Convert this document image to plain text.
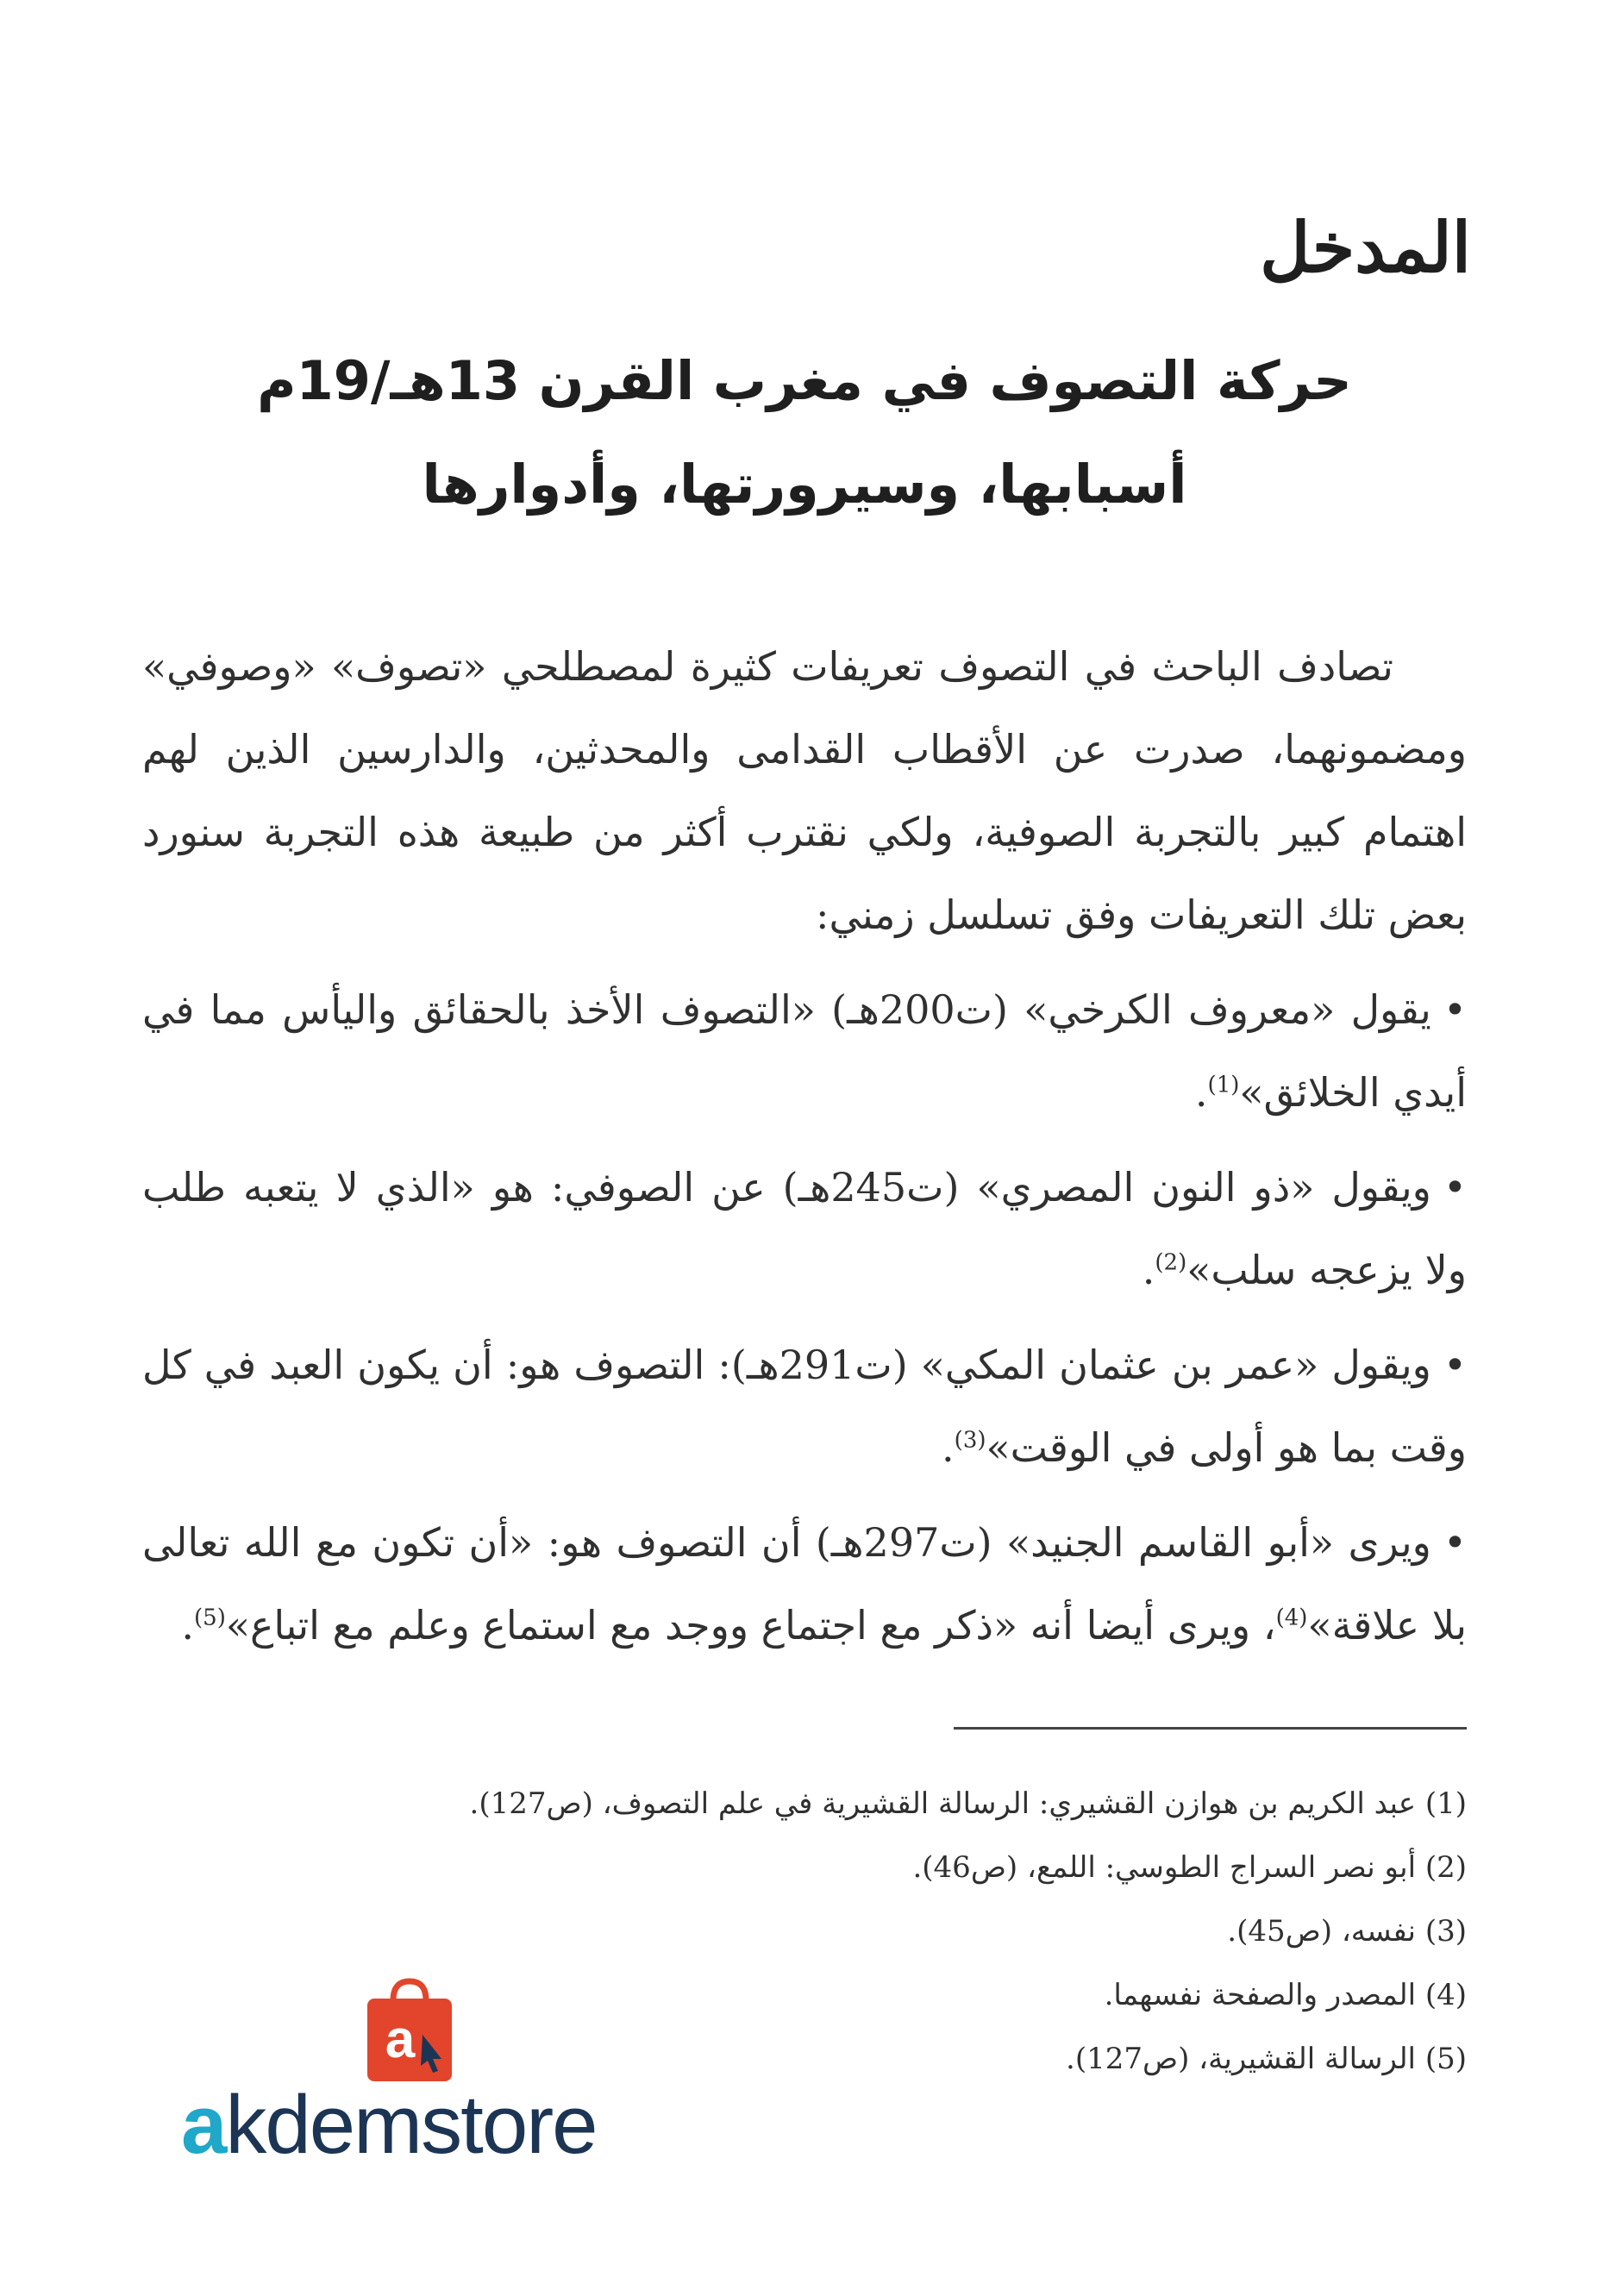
المدخل
حركة التصوف في مغرب القرن 13هـ/19م
أسبابها، وسيرورتها، وأدوارها

تصادف الباحث في التصوف تعريفات كثيرة لمصطلحي «تصوف» «وصوفي» ومضمونهما، صدرت عن الأقطاب القدامى والمحدثين، والدارسين الذين لهم اهتمام كبير بالتجربة الصوفية، ولكي نقترب أكثر من طبيعة هذه التجربة سنورد بعض تلك التعريفات وفق تسلسل زمني:

•يقول «معروف الكرخي» (ت200هـ) «التصوف الأخذ بالحقائق واليأس مما في أيدي الخلائق»$^{(1)}$.

•ويقول «ذو النون المصري» (ت245هـ) عن الصوفي: هو «الذي لا يتعبه طلب ولا يزعجه سلب»$^{(2)}$.

•ويقول «عمر بن عثمان المكي» (ت291هـ): التصوف هو: أن يكون العبد في كل وقت بما هو أولى في الوقت»$^{(3)}$.

•ويرى «أبو القاسم الجنيد» (ت297هـ) أن التصوف هو: «أن تكون مع الله تعالى بلا علاقة»$^{(4)}$، ويرى أيضا أنه «ذكر مع اجتماع ووجد مع استماع وعلم مع اتباع»$^{(5)}$.

(1) عبد الكريم بن هوازن القشيري: الرسالة القشيرية في علم التصوف، (ص127).

(2) أبو نصر السراج الطوسي: اللمع، (ص46).

(3) نفسه، (ص45).

(4) المصدر والصفحة نفسهما.

(5) الرسالة القشيرية، (ص127).

a
akdemstore
